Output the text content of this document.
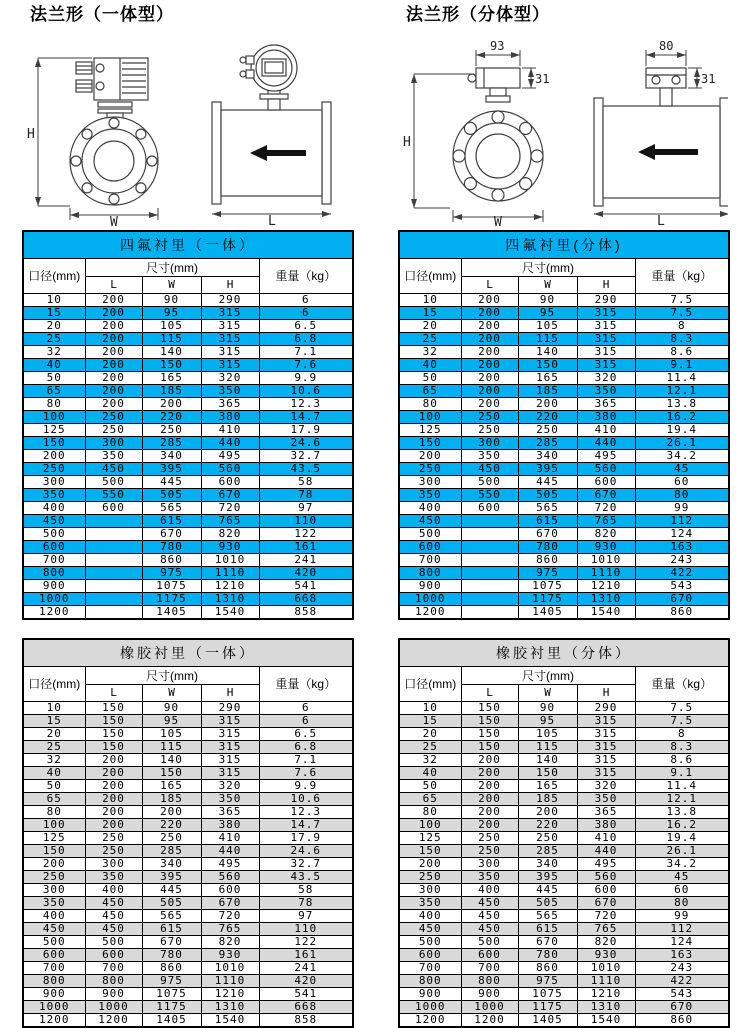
法兰形（一体型）
H
W	L
四氟衬里（一体）				
口径(mm)	尺寸(mm)			重量（kg）
	L	W	H	
10	200	90	290	6
15	200	95	315	6
20	200	105	315	6.5
25	200	115	315	6.8
32	200	140	315	7.1
40	200	150	315	7.6
50	200	165	320	9.9
65	200	185	350	10.6
80	200	200	365	12.3
100	250	220	380	14.7
125	250	250	410	17.9
150	300	285	440	24.6
200	350	340	495	32.7
250	450	395	560	43.5
300	500	445	600	58
350	550	505	670	78
400	600	565	720	97
450		615	765	110
500		670	820	122
600		780	930	161
700		860	1010	241
800		975	1110	420
900		1075	1210	541
1000		1175	1310	668
1200		1405	1540	858
橡胶衬里（一体）				
口径(mm)	尺寸(mm)			重量（kg）
	L	W	H	
10	150	90	290	6
15	150	95	315	6
20	150	105	315	6.5
25	150	115	315	6.8
32	200	140	315	7.1
40	200	150	315	7.6
50	200	165	320	9.9
65	200	185	350	10.6
80	200	200	365	12.3
100	200	220	380	14.7
125	250	250	410	17.9
150	250	285	440	24.6
200	300	340	495	32.7
250	350	395	560	43.5
300	400	445	600	58
350	450	505	670	78
400	450	565	720	97
450	450	615	765	110
500	500	670	820	122
600	600	780	930	161
700	700	860	1010	241
800	800	975	1110	420
900	900	1075	1210	541
1000	1000	1175	1310	668
1200	1200	1405	1540	858
法兰形（分体型）
93
31
H
W
80
31
L
四氟衬里(分体)				
口径(mm)	尺寸(mm)			重量（kg）
	L	W	H	
10	200	90	290	7.5
15	200	95	315	7.5
20	200	105	315	8
25	200	115	315	8.3
32	200	140	315	8.6
40	200	150	315	9.1
50	200	165	320	11.4
65	200	185	350	12.1
80	200	200	365	13.8
100	250	220	380	16.2
125	250	250	410	19.4
150	300	285	440	26.1
200	350	340	495	34.2
250	450	395	560	45
300	500	445	600	60
350	550	505	670	80
400	600	565	720	99
450		615	765	112
500		670	820	124
600		780	930	163
700		860	1010	243
800		975	1110	422
900		1075	1210	543
1000		1175	1310	670
1200		1405	1540	860
橡胶衬里（分体）				
口径(mm)	尺寸(mm)			重量（kg）
	L	W	H	
10	150	90	290	7.5
15	150	95	315	7.5
20	150	105	315	8
25	150	115	315	8.3
32	200	140	315	8.6
40	200	150	315	9.1
50	200	165	320	11.4
65	200	185	350	12.1
80	200	200	365	13.8
100	200	220	380	16.2
125	250	250	410	19.4
150	250	285	440	26.1
200	300	340	495	34.2
250	350	395	560	45
300	400	445	600	60
350	450	505	670	80
400	450	565	720	99
450	450	615	765	112
500	500	670	820	124
600	600	780	930	163
700	700	860	1010	243
800	800	975	1110	422
900	900	1075	1210	543
1000	1000	1175	1310	670
1200	1200	1405	1540	860
